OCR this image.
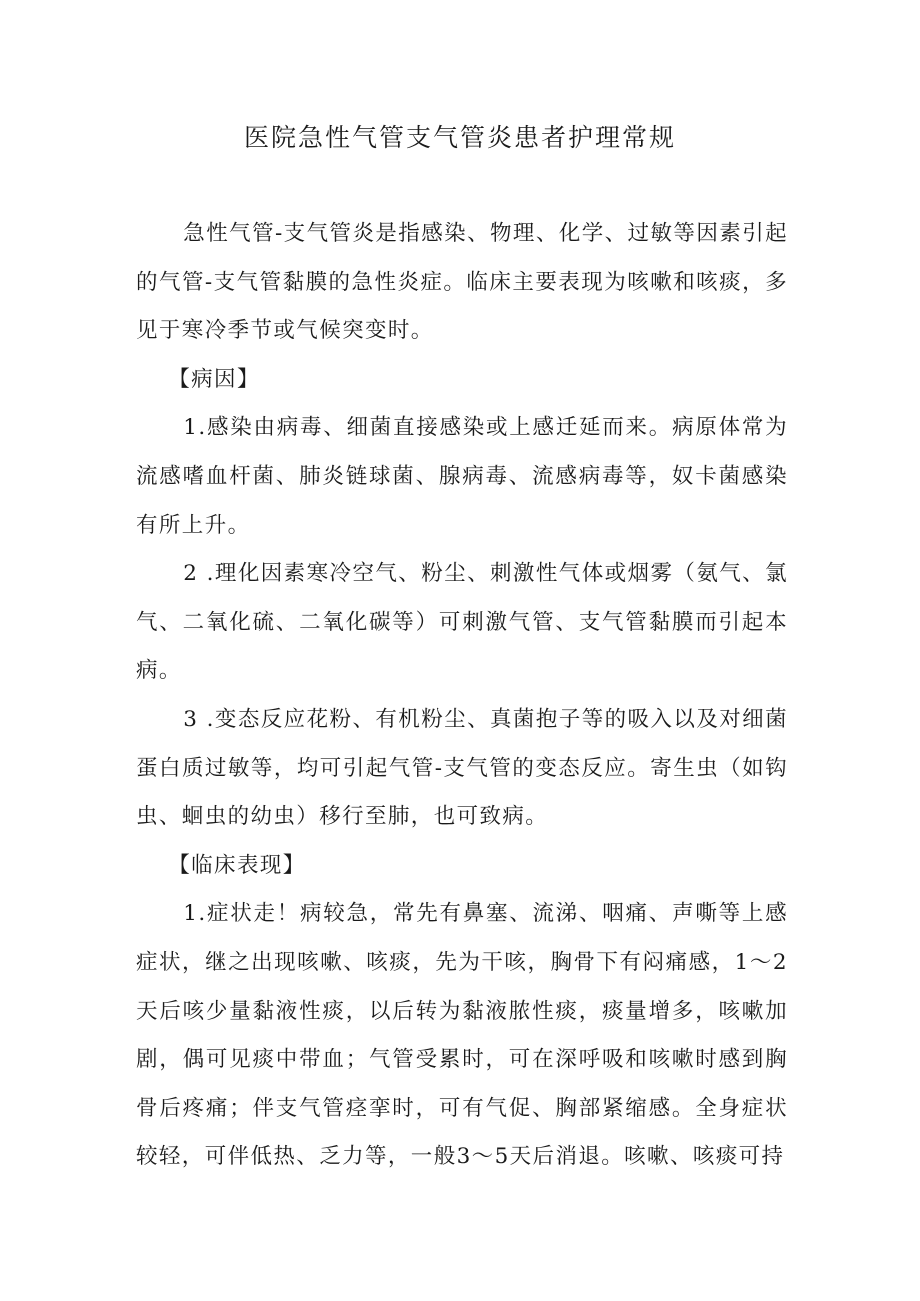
医院急性气管支气管炎患者护理常规

急性气管-支气管炎是指感染、物理、化学、过敏等因素引起的气管-支气管黏膜的急性炎症。临床主要表现为咳嗽和咳痰，多见于寒冷季节或气候突变时。

【病因】

1.感染由病毒、细菌直接感染或上感迁延而来。病原体常为流感嗜血杆菌、肺炎链球菌、腺病毒、流感病毒等，奴卡菌感染有所上升。

2 .理化因素寒冷空气、粉尘、刺激性气体或烟雾（氨气、氯气、二氧化硫、二氧化碳等）可刺激气管、支气管黏膜而引起本病。

3 .变态反应花粉、有机粉尘、真菌抱子等的吸入以及对细菌蛋白质过敏等，均可引起气管-支气管的变态反应。寄生虫（如钩虫、蛔虫的幼虫）移行至肺，也可致病。

【临床表现】

1.症状走！病较急，常先有鼻塞、流涕、咽痛、声嘶等上感症状，继之出现咳嗽、咳痰，先为干咳，胸骨下有闷痛感，1～2天后咳少量黏液性痰，以后转为黏液脓性痰，痰量增多，咳嗽加剧，偶可见痰中带血；气管受累时，可在深呼吸和咳嗽时感到胸骨后疼痛；伴支气管痉挛时，可有气促、胸部紧缩感。全身症状较轻，可伴低热、乏力等，一般3～5天后消退。咳嗽、咳痰可持
